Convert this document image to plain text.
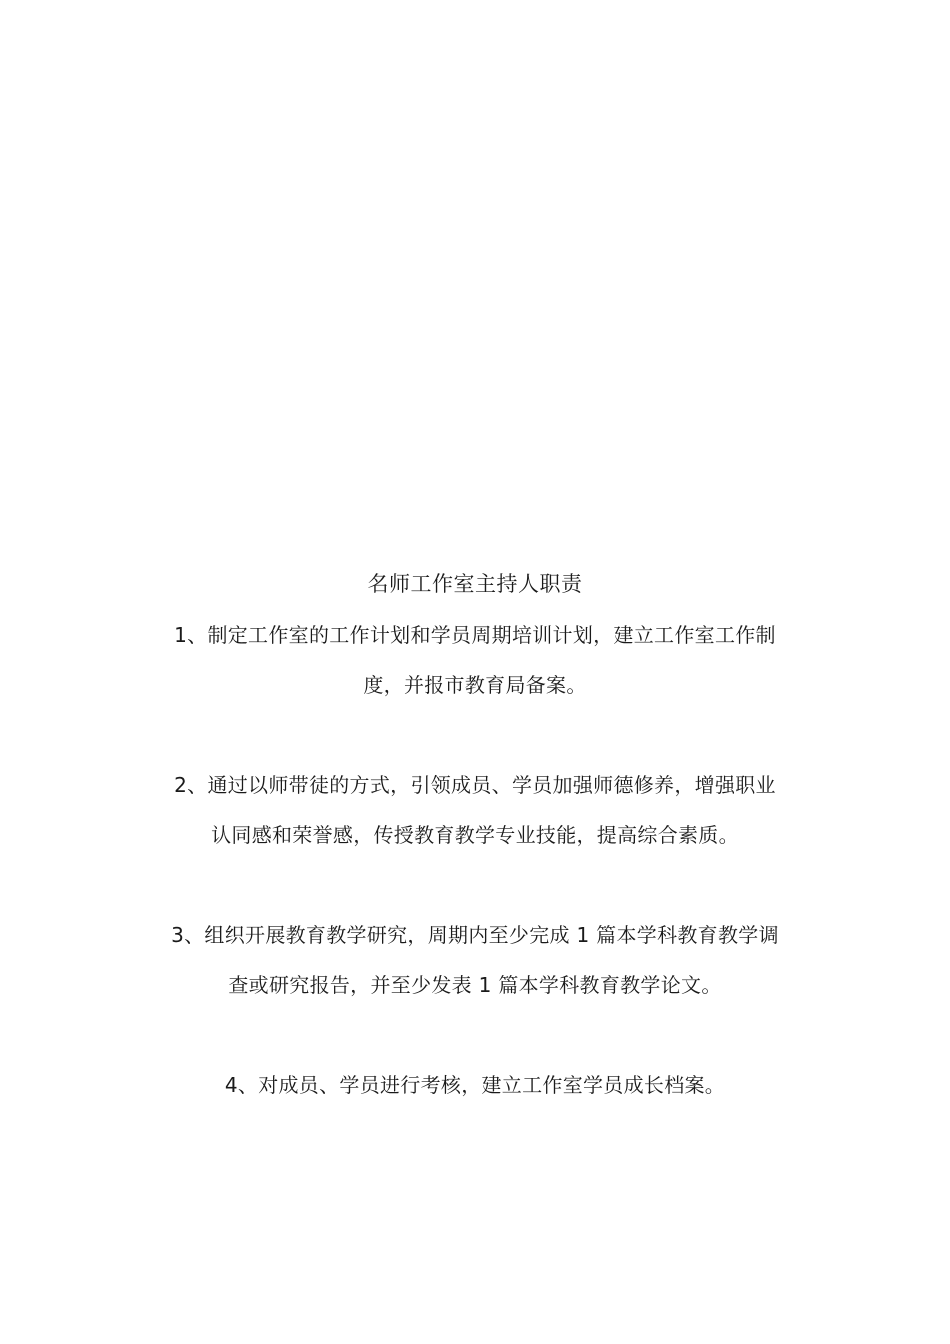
名师工作室主持人职责

1、制定工作室的工作计划和学员周期培训计划，建立工作室工作制
度，并报市教育局备案。

2、通过以师带徒的方式，引领成员、学员加强师德修养，增强职业
认同感和荣誉感，传授教育教学专业技能，提高综合素质。

3、组织开展教育教学研究，周期内至少完成 1 篇本学科教育教学调
查或研究报告，并至少发表 1 篇本学科教育教学论文。

4、对成员、学员进行考核，建立工作室学员成长档案。
